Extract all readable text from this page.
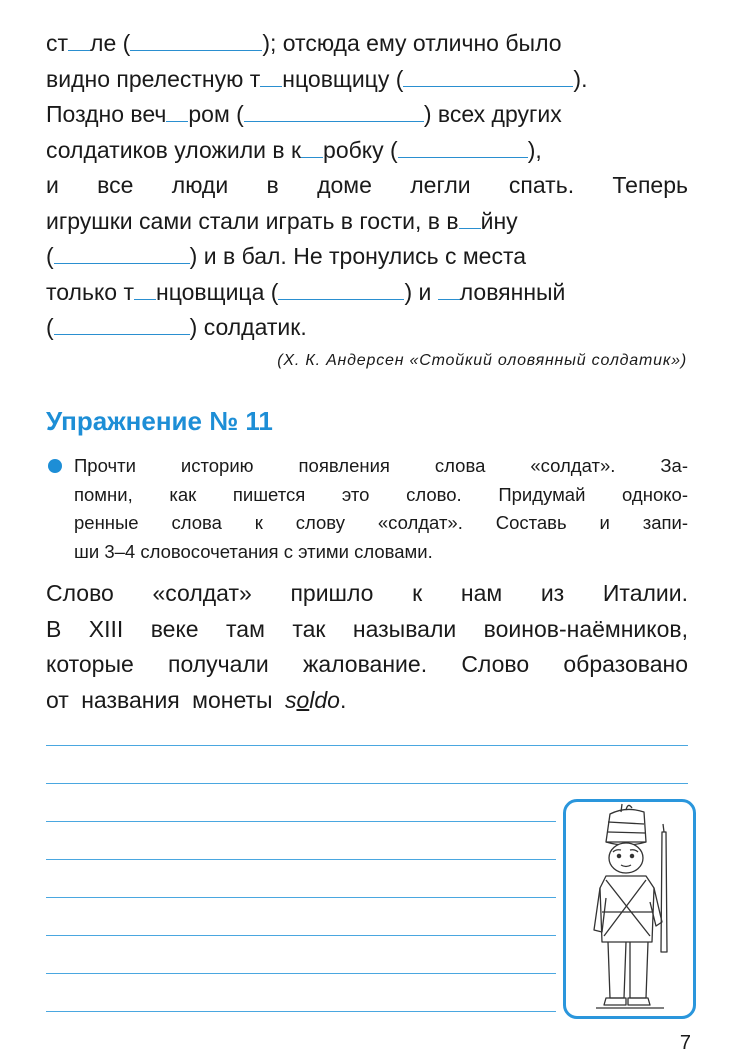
ст ле (	); отсюда ему отлично было
видно прелестную т нцовщицу (	).
Поздно веч ром (	) всех других
солдатиков уложили в к робку (	),
и все люди в доме легли спать. Теперь
игрушки сами стали играть в гости, в в йну
(	) и в бал. Не тронулись с места
только т нцовщица (	) и ловянный
(	) солдатик.
(Х. К. Андерсен «Стойкий оловянный солдатик»)
Упражнение № 11
Прочти историю появления слова «солдат». За-
помни, как пишется это слово. Придумай одноко-
ренные слова к слову «солдат». Составь и запи-
ши 3–4 словосочетания с этими словами.
Слово «солдат» пришло к нам из Италии.
В XIII веке там так называли воинов-наёмников,
которые получали жалование. Слово образовано
от названия монеты soldo.
7
